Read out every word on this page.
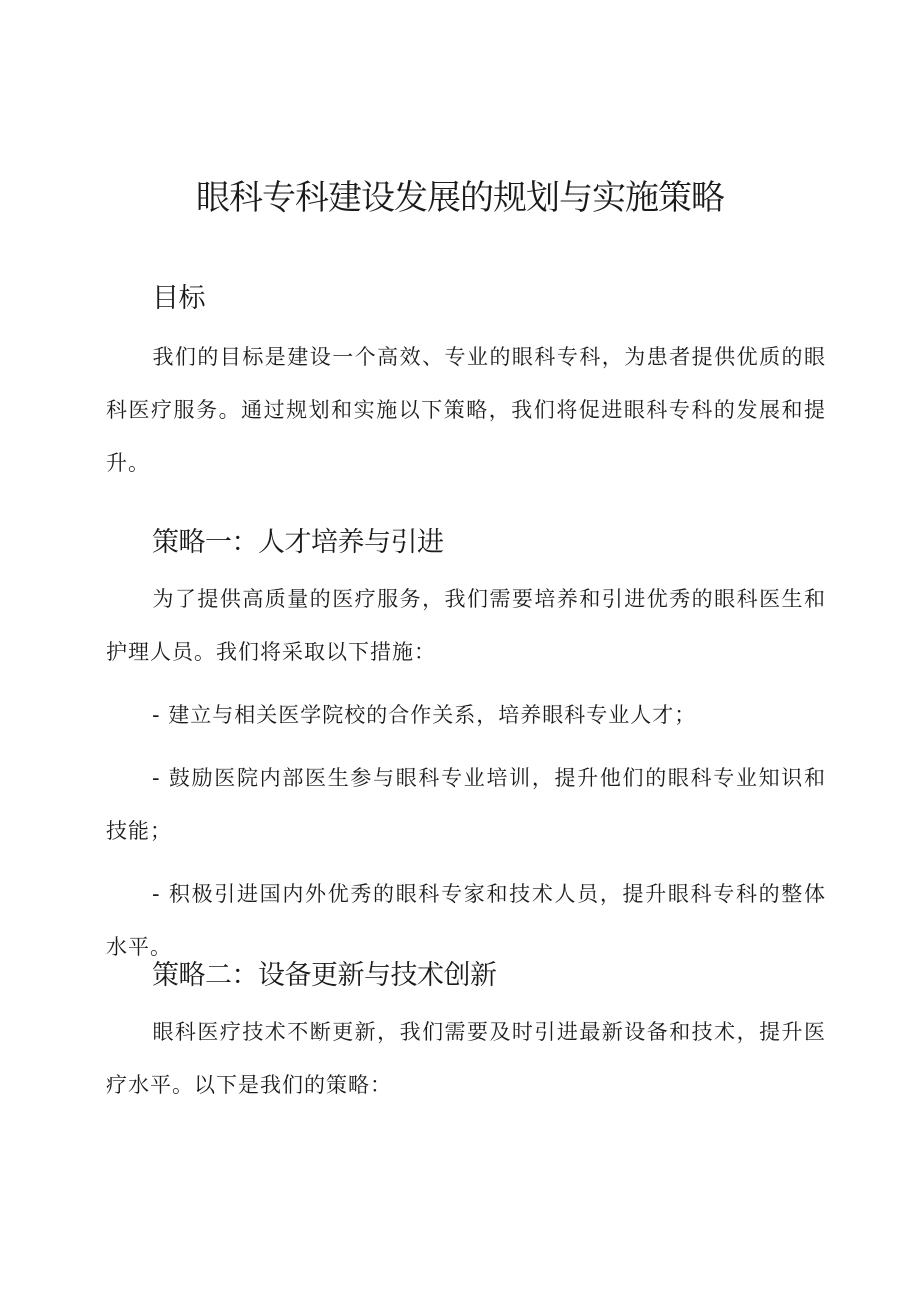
眼科专科建设发展的规划与实施策略
目标

我们的目标是建设一个高效、专业的眼科专科，为患者提供优质的眼科医疗服务。通过规划和实施以下策略，我们将促进眼科专科的发展和提升。

策略一：人才培养与引进

为了提供高质量的医疗服务，我们需要培养和引进优秀的眼科医生和护理人员。我们将采取以下措施：

- 建立与相关医学院校的合作关系，培养眼科专业人才；

- 鼓励医院内部医生参与眼科专业培训，提升他们的眼科专业知识和技能；

- 积极引进国内外优秀的眼科专家和技术人员，提升眼科专科的整体水平。

策略二：设备更新与技术创新

眼科医疗技术不断更新，我们需要及时引进最新设备和技术，提升医疗水平。以下是我们的策略：
